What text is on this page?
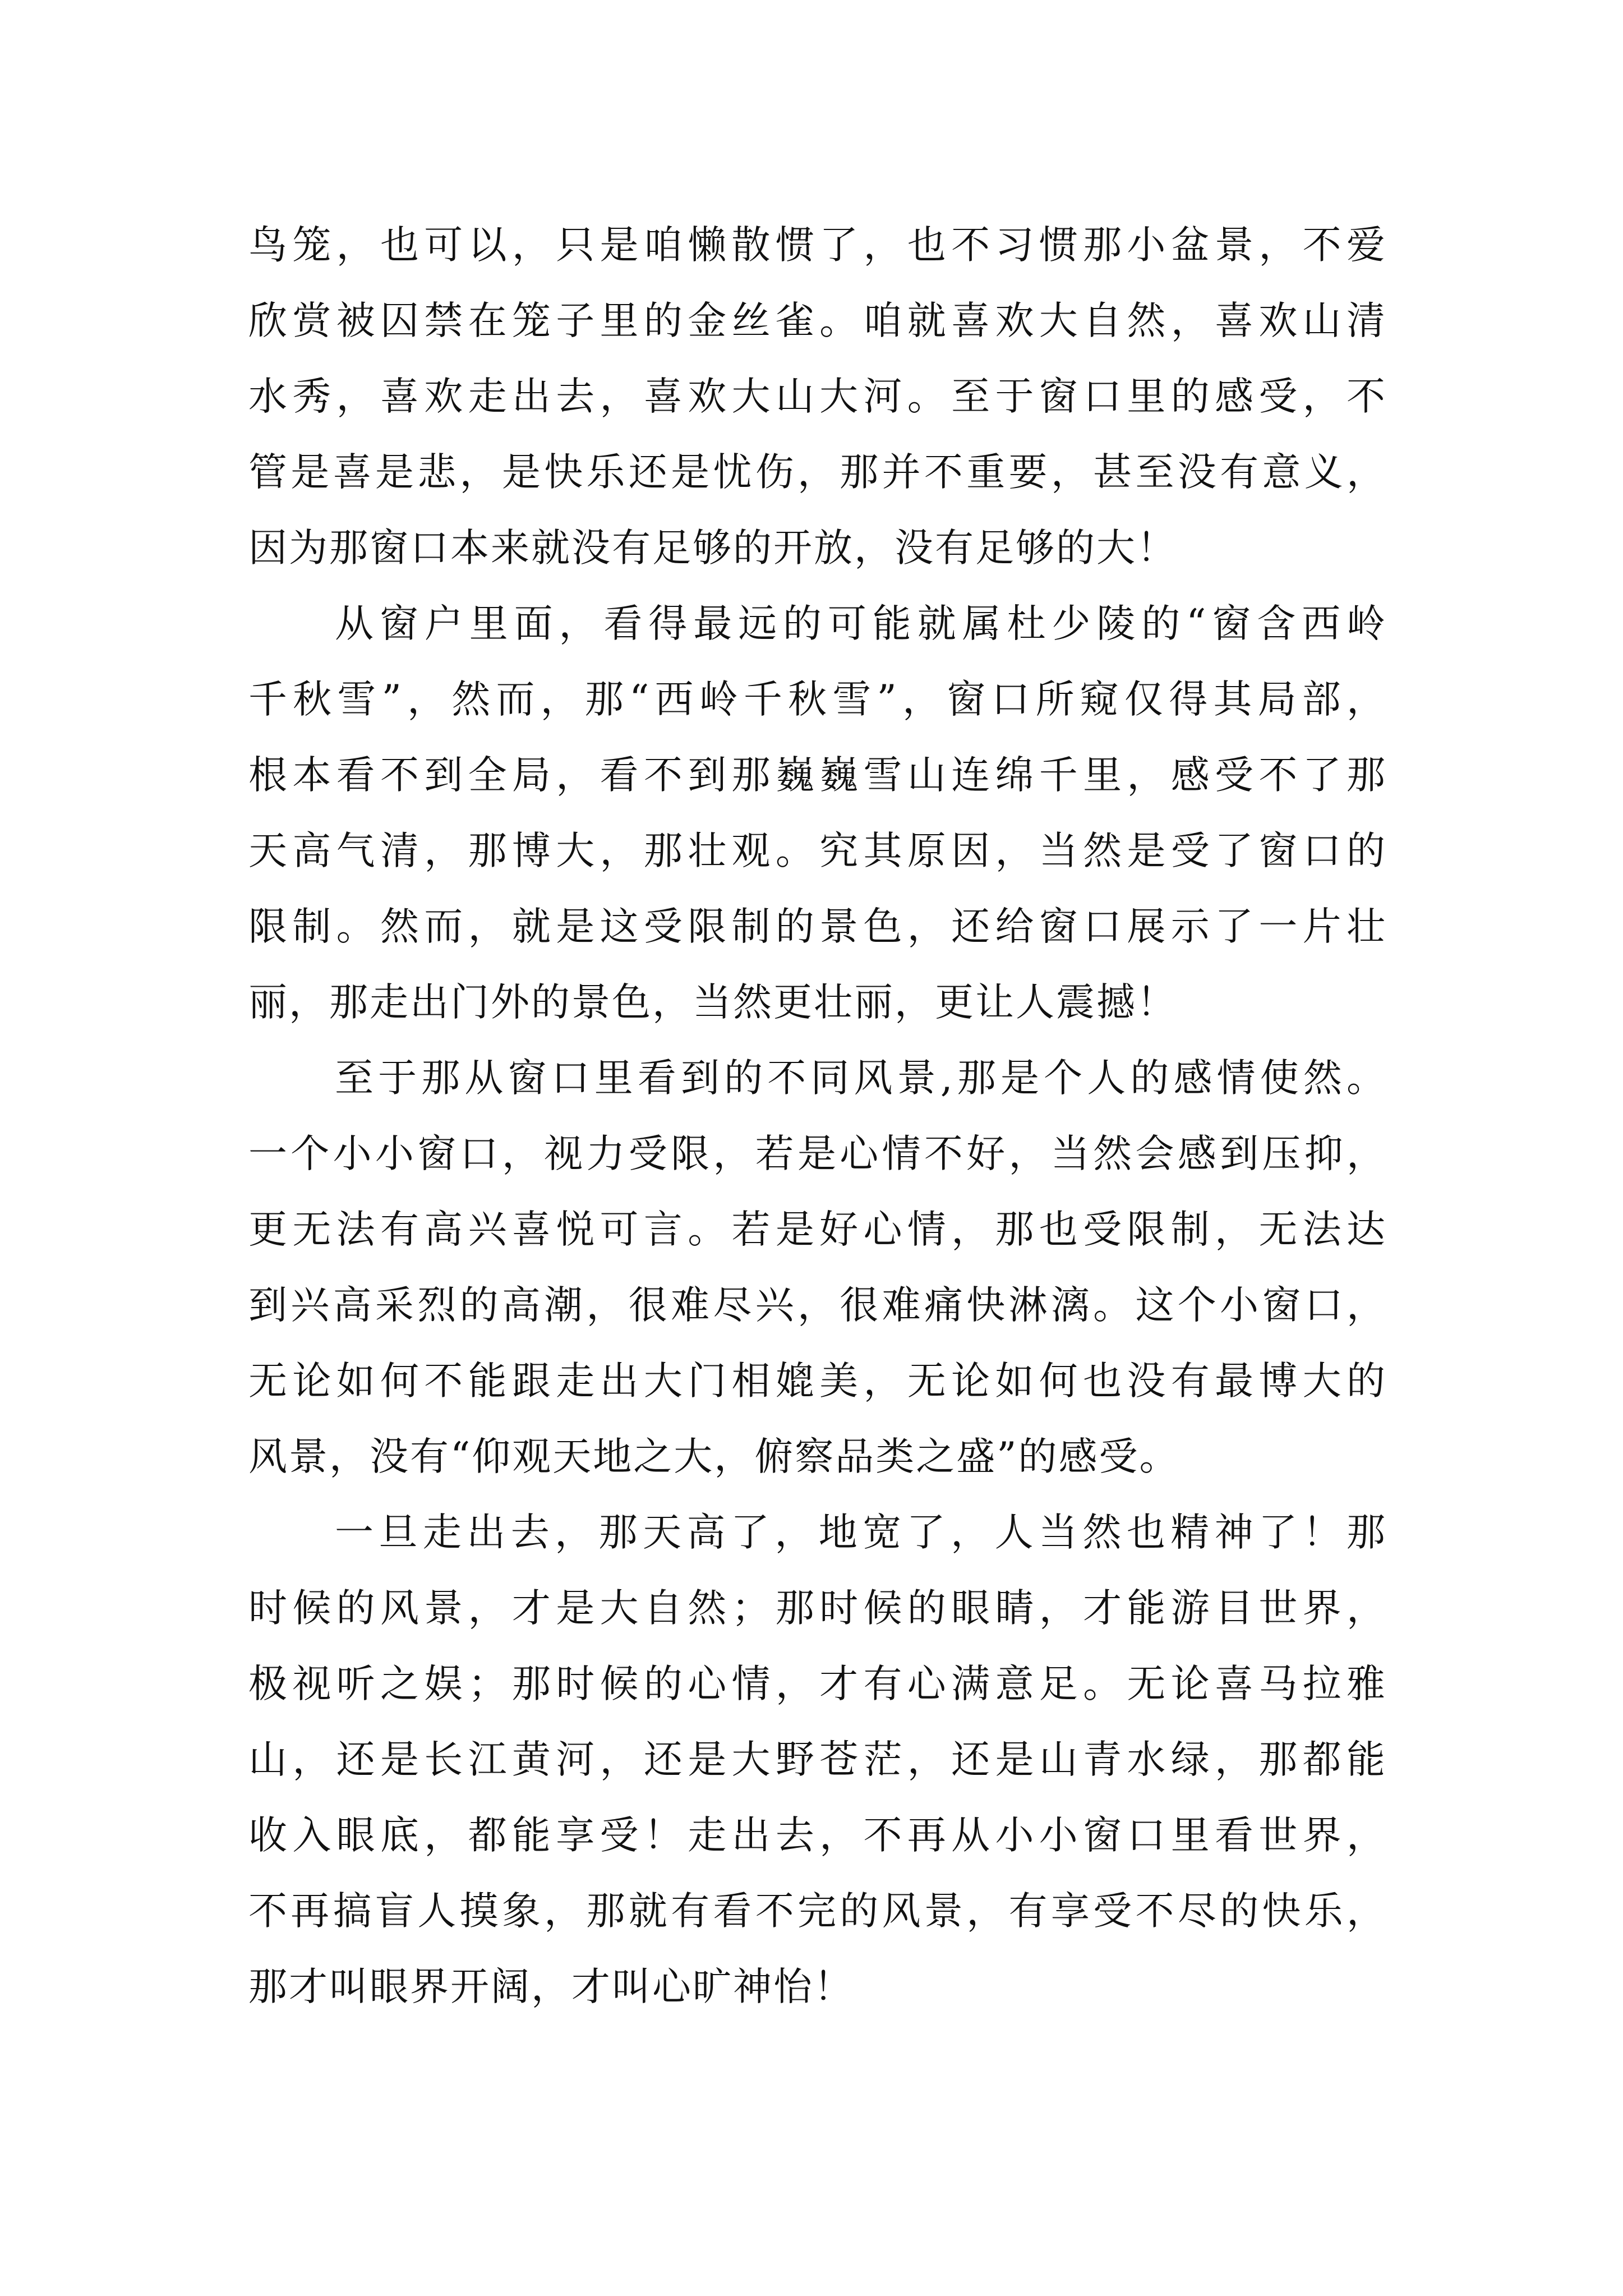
鸟笼，也可以，只是咱懒散惯了，也不习惯那小盆景，不爱
欣赏被囚禁在笼子里的金丝雀。咱就喜欢大自然，喜欢山清
水秀，喜欢走出去，喜欢大山大河。至于窗口里的感受，不
管是喜是悲，是快乐还是忧伤，那并不重要，甚至没有意义，
因为那窗口本来就没有足够的开放，没有足够的大！
从窗户里面，看得最远的可能就属杜少陵的“窗含西岭
千秋雪”，然而，那“西岭千秋雪”，窗口所窥仅得其局部，
根本看不到全局，看不到那巍巍雪山连绵千里，感受不了那
天高气清，那博大，那壮观。究其原因，当然是受了窗口的
限制。然而，就是这受限制的景色，还给窗口展示了一片壮
丽，那走出门外的景色，当然更壮丽，更让人震撼！
至于那从窗口里看到的不同风景,那是个人的感情使然。
一个小小窗口，视力受限，若是心情不好，当然会感到压抑，
更无法有高兴喜悦可言。若是好心情，那也受限制，无法达
到兴高采烈的高潮，很难尽兴，很难痛快淋漓。这个小窗口，
无论如何不能跟走出大门相媲美，无论如何也没有最博大的
风景，没有“仰观天地之大，俯察品类之盛”的感受。
一旦走出去，那天高了，地宽了，人当然也精神了！那
时候的风景，才是大自然；那时候的眼睛，才能游目世界，
极视听之娱；那时候的心情，才有心满意足。无论喜马拉雅
山，还是长江黄河，还是大野苍茫，还是山青水绿，那都能
收入眼底，都能享受！走出去，不再从小小窗口里看世界，
不再搞盲人摸象，那就有看不完的风景，有享受不尽的快乐，
那才叫眼界开阔，才叫心旷神怡！
